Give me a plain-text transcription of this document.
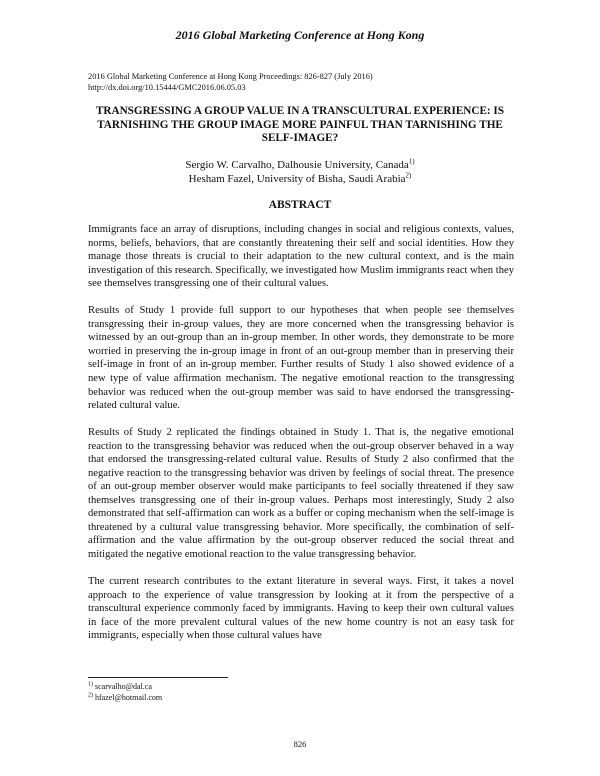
2016 Global Marketing Conference at Hong Kong
2016 Global Marketing Conference at Hong Kong Proceedings: 826-827 (July 2016)
http://dx.doi.org/10.15444/GMC2016.06.05.03
TRANSGRESSING A GROUP VALUE IN A TRANSCULTURAL EXPERIENCE: IS TARNISHING THE GROUP IMAGE MORE PAINFUL THAN TARNISHING THE SELF-IMAGE?
Sergio W. Carvalho, Dalhousie University, Canada$^{1)}$
Hesham Fazel, University of Bisha, Saudi Arabia$^{2)}$
ABSTRACT

Immigrants face an array of disruptions, including changes in social and religious contexts, values, norms, beliefs, behaviors, that are constantly threatening their self and social identities. How they manage those threats is crucial to their adaptation to the new cultural context, and is the main investigation of this research. Specifically, we investigated how Muslim immigrants react when they see themselves transgressing one of their cultural values.

Results of Study 1 provide full support to our hypotheses that when people see themselves transgressing their in-group values, they are more concerned when the transgressing behavior is witnessed by an out-group than an in-group member. In other words, they demonstrate to be more worried in preserving the in-group image in front of an out-group member than in preserving their self-image in front of an in-group member. Further results of Study 1 also showed evidence of a new type of value affirmation mechanism. The negative emotional reaction to the transgressing behavior was reduced when the out-group member was said to have endorsed the transgressing-related cultural value.

Results of Study 2 replicated the findings obtained in Study 1. That is, the negative emotional reaction to the transgressing behavior was reduced when the out-group observer behaved in a way that endorsed the transgressing-related cultural value. Results of Study 2 also confirmed that the negative reaction to the transgressing behavior was driven by feelings of social threat. The presence of an out-group member observer would make participants to feel socially threatened if they saw themselves transgressing one of their in-group values. Perhaps most interestingly, Study 2 also demonstrated that self-affirmation can work as a buffer or coping mechanism when the self-image is threatened by a cultural value transgressing behavior. More specifically, the combination of self-affirmation and the value affirmation by the out-group observer reduced the social threat and mitigated the negative emotional reaction to the value transgressing behavior.

The current research contributes to the extant literature in several ways. First, it takes a novel approach to the experience of value transgression by looking at it from the perspective of a transcultural experience commonly faced by immigrants. Having to keep their own cultural values in face of the more prevalent cultural values of the new home country is not an easy task for immigrants, especially when those cultural values have

$^{1)}$ scarvalho@dal.ca
$^{2)}$ hfazel@hotmail.com
826
